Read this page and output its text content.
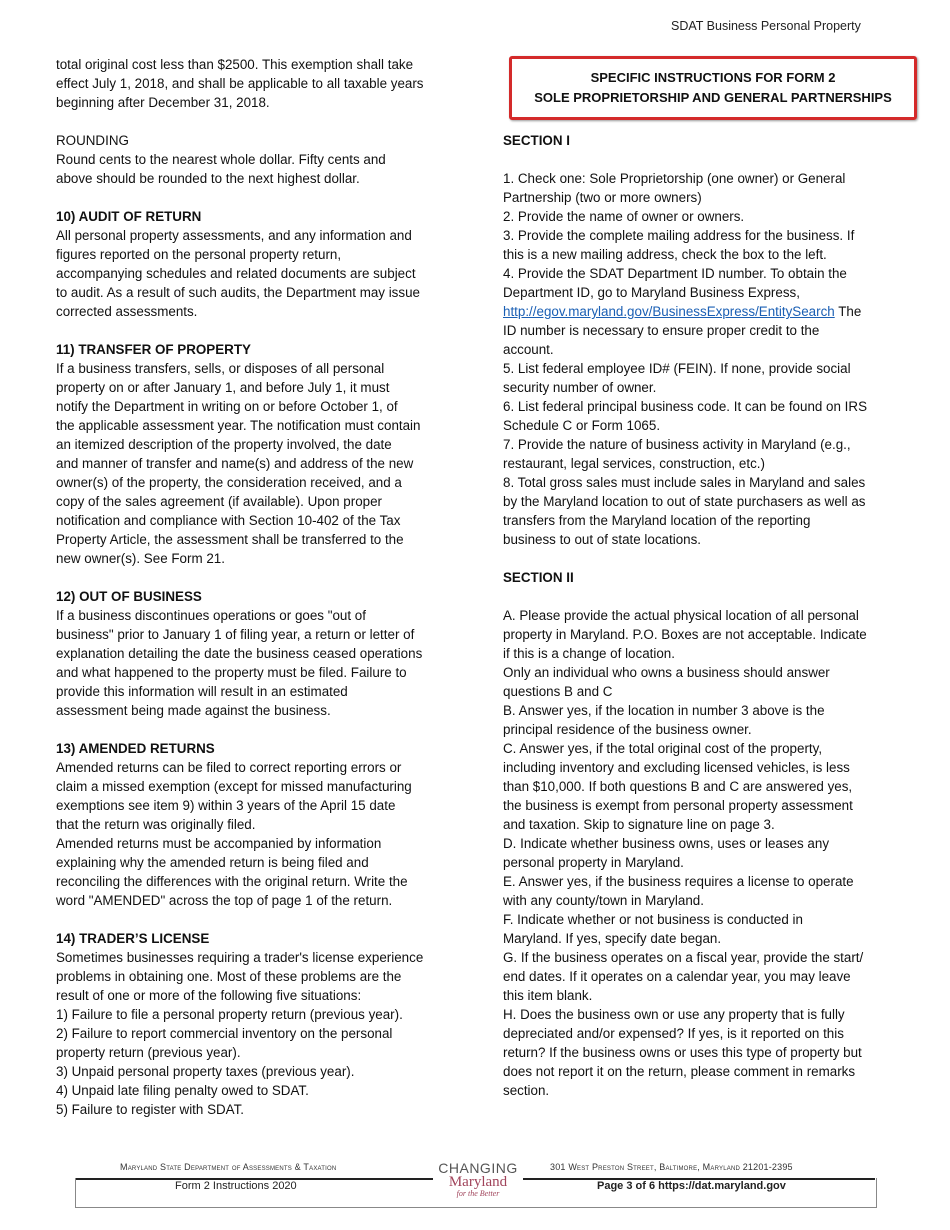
SDAT Business Personal Property
total original cost less than $2500. This exemption shall take
effect July 1, 2018, and shall be applicable to all taxable years
beginning after December 31, 2018.
ROUNDING
Round cents to the nearest whole dollar. Fifty cents and
above should be rounded to the next highest dollar.
10) AUDIT OF RETURN
All personal property assessments, and any information and
figures reported on the personal property return,
accompanying schedules and related documents are subject
to audit. As a result of such audits, the Department may issue
corrected assessments.
11) TRANSFER OF PROPERTY
If a business transfers, sells, or disposes of all personal
property on or after January 1, and before July 1, it must
notify the Department in writing on or before October 1, of
the applicable assessment year. The notification must contain
an itemized description of the property involved, the date
and manner of transfer and name(s) and address of the new
owner(s) of the property, the consideration received, and a
copy of the sales agreement (if available). Upon proper
notification and compliance with Section 10-402 of the Tax
Property Article, the assessment shall be transferred to the
new owner(s). See Form 21.
12) OUT OF BUSINESS
If a business discontinues operations or goes "out of
business" prior to January 1 of filing year, a return or letter of
explanation detailing the date the business ceased operations
and what happened to the property must be filed. Failure to
provide this information will result in an estimated
assessment being made against the business.
13) AMENDED RETURNS
Amended returns can be filed to correct reporting errors or
claim a missed exemption (except for missed manufacturing
exemptions see item 9) within 3 years of the April 15 date
that the return was originally filed.
Amended returns must be accompanied by information
explaining why the amended return is being filed and
reconciling the differences with the original return. Write the
word "AMENDED" across the top of page 1 of the return.
14) TRADER’S LICENSE
Sometimes businesses requiring a trader's license experience
problems in obtaining one. Most of these problems are the
result of one or more of the following five situations:
1) Failure to file a personal property return (previous year).
2) Failure to report commercial inventory on the personal
property return (previous year).
3) Unpaid personal property taxes (previous year).
4) Unpaid late filing penalty owed to SDAT.
5) Failure to register with SDAT.
SPECIFIC INSTRUCTIONS FOR FORM 2
SOLE PROPRIETORSHIP AND GENERAL PARTNERSHIPS
SECTION I
1. Check one: Sole Proprietorship (one owner) or General
Partnership (two or more owners)
2. Provide the name of owner or owners.
3. Provide the complete mailing address for the business. If
this is a new mailing address, check the box to the left.
4. Provide the SDAT Department ID number. To obtain the
Department ID, go to Maryland Business Express,
http://egov.maryland.gov/BusinessExpress/EntitySearch The
ID number is necessary to ensure proper credit to the
account.
5. List federal employee ID# (FEIN). If none, provide social
security number of owner.
6. List federal principal business code. It can be found on IRS
Schedule C or Form 1065.
7. Provide the nature of business activity in Maryland (e.g.,
restaurant, legal services, construction, etc.)
8. Total gross sales must include sales in Maryland and sales
by the Maryland location to out of state purchasers as well as
transfers from the Maryland location of the reporting
business to out of state locations.
SECTION II
A. Please provide the actual physical location of all personal
property in Maryland. P.O. Boxes are not acceptable. Indicate
if this is a change of location.
Only an individual who owns a business should answer
questions B and C
B. Answer yes, if the location in number 3 above is the
principal residence of the business owner.
C. Answer yes, if the total original cost of the property,
including inventory and excluding licensed vehicles, is less
than $10,000. If both questions B and C are answered yes,
the business is exempt from personal property assessment
and taxation. Skip to signature line on page 3.
D. Indicate whether business owns, uses or leases any
personal property in Maryland.
E. Answer yes, if the business requires a license to operate
with any county/town in Maryland.
F. Indicate whether or not business is conducted in
Maryland. If yes, specify date began.
G. If the business operates on a fiscal year, provide the start/
end dates. If it operates on a calendar year, you may leave
this item blank.
H. Does the business own or use any property that is fully
depreciated and/or expensed? If yes, is it reported on this
return? If the business owns or uses this type of property but
does not report it on the return, please comment in remarks
section.
Maryland State Department of Assessments & Taxation	301 West Preston Street, Baltimore, Maryland 21201-2395
Form 2 Instructions 2020	Page 3 of 6 https://dat.maryland.gov
CHANGING
Maryland
for the Better
